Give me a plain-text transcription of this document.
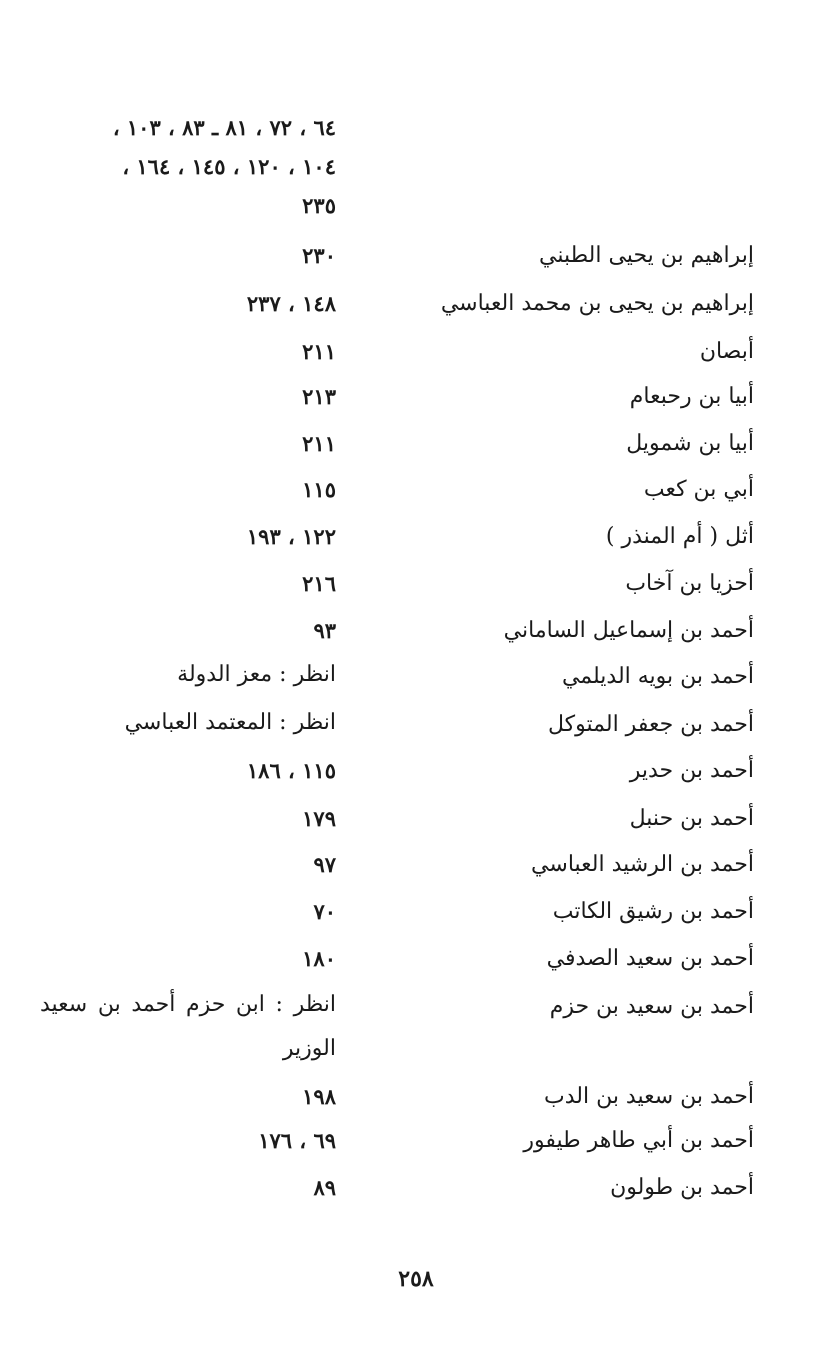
٦٤ ، ٧٢ ، ٨١ ـ ٨٣ ، ١٠٣ ،
١٠٤ ، ١٢٠ ، ١٤٥ ، ١٦٤ ،
٢٣٥
إبراهيم بن يحيى الطبني
٢٣٠
إبراهيم بن يحيى بن محمد العباسي
١٤٨ ، ٢٣٧
أبصان
٢١١
أبيا بن رحبعام
٢١٣
أبيا بن شمويل
٢١١
أبي بن كعب
١١٥
أثل ( أم المنذر )
١٢٢ ، ١٩٣
أحزيا بن آخاب
٢١٦
أحمد بن إسماعيل الساماني
٩٣
أحمد بن بويه الديلمي
انظر : معز الدولة
أحمد بن جعفر المتوكل
انظر : المعتمد العباسي
أحمد بن حدير
١١٥ ، ١٨٦
أحمد بن حنبل
١٧٩
أحمد بن الرشيد العباسي
٩٧
أحمد بن رشيق الكاتب
٧٠
أحمد بن سعيد الصدفي
١٨٠
أحمد بن سعيد بن حزم
انظر : ابن حزم أحمد بن سعيد الوزير
أحمد بن سعيد بن الدب
١٩٨
أحمد بن أبي طاهر طيفور
٦٩ ، ١٧٦
أحمد بن طولون
٨٩
٢٥٨
